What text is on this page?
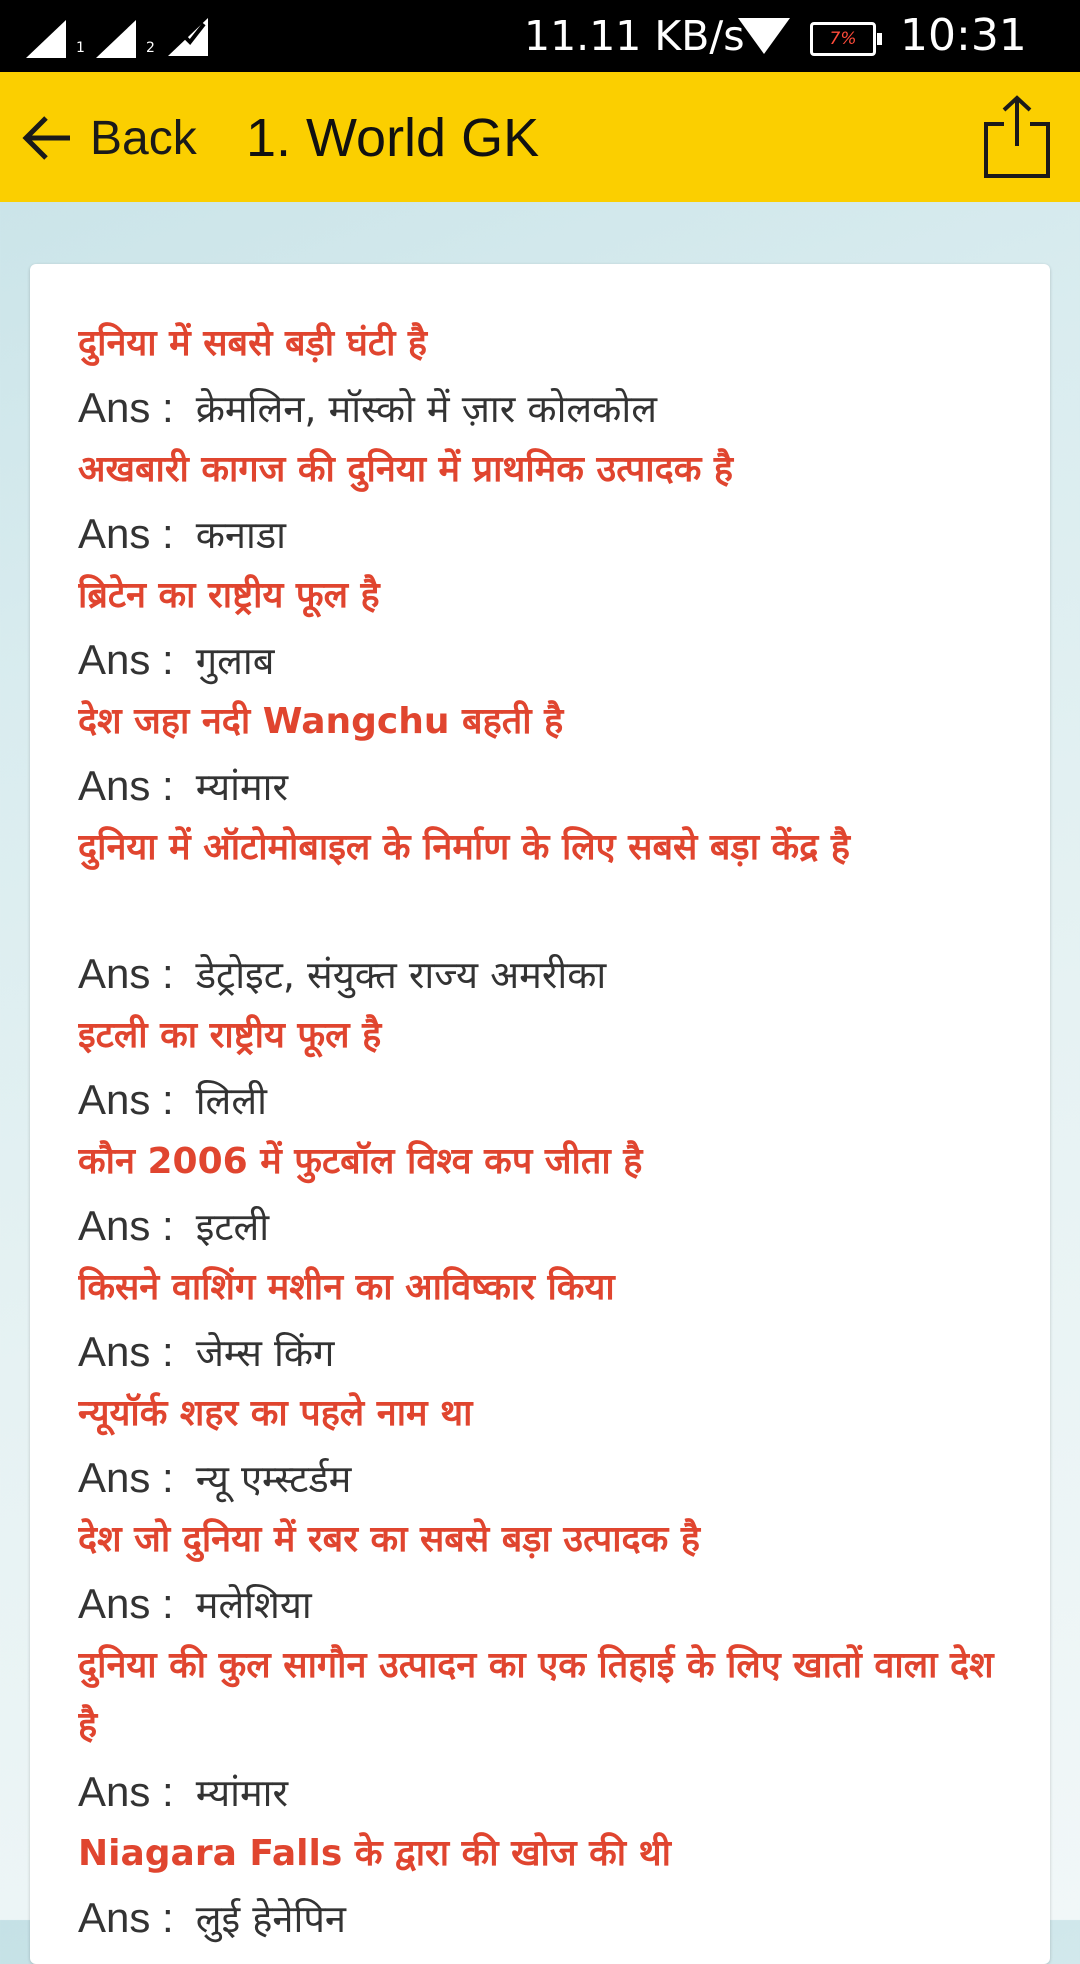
1	2	11.11 KB/s	7% 10:31
Back 1. World GK
दुनिया में सबसे बड़ी घंटी है
Ans : क्रेमलिन, मॉस्को में ज़ार कोलकोल
अखबारी कागज की दुनिया में प्राथमिक उत्पादक है
Ans : कनाडा
ब्रिटेन का राष्ट्रीय फूल है
Ans : गुलाब
देश जहा नदी Wangchu बहती है
Ans : म्यांमार
दुनिया में ऑटोमोबाइल के निर्माण के लिए सबसे बड़ा केंद्र है
Ans : डेट्रोइट, संयुक्त राज्य अमरीका
इटली का राष्ट्रीय फूल है
Ans : लिली
कौन 2006 में फुटबॉल विश्व कप जीता है
Ans : इटली
किसने वाशिंग मशीन का आविष्कार किया
Ans : जेम्स किंग
न्यूयॉर्क शहर का पहले नाम था
Ans : न्यू एम्स्टर्डम
देश जो दुनिया में रबर का सबसे बड़ा उत्पादक है
Ans : मलेशिया
दुनिया की कुल सागौन उत्पादन का एक तिहाई के लिए खातों वाला देश है
Ans : म्यांमार
Niagara Falls के द्वारा की खोज की थी
Ans : लुई हेनेपिन
